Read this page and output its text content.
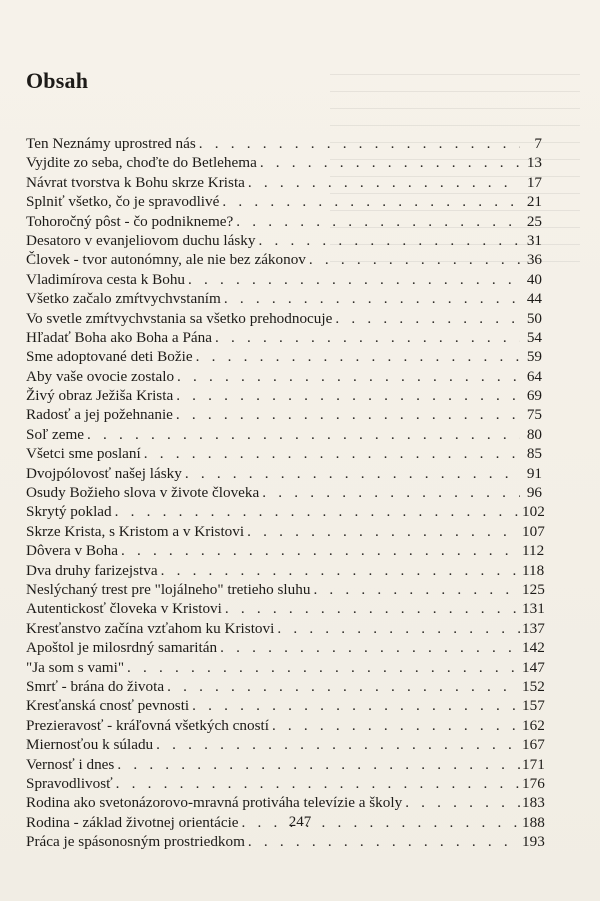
Obsah
Ten Neznámy uprostred nás . . .	7
Vyjdite zo seba, choďte do Betlehema . . .	13
Návrat tvorstva k Bohu skrze Krista . . .	17
Splniť všetko, čo je spravodlivé . . .	21
Tohoročný pôst - čo podnikneme? . . .	25
Desatoro v evanjeliovom duchu lásky . . .	31
Človek - tvor autonómny, ale nie bez zákonov . . .	36
Vladimírova cesta k Bohu . . .	40
Všetko začalo zmŕtvychvstaním . . .	44
Vo svetle zmŕtvychvstania sa všetko prehodnocuje . . .	50
Hľadať Boha ako Boha a Pána . . .	54
Sme adoptované deti Božie . . .	59
Aby vaše ovocie zostalo . . .	64
Živý obraz Ježiša Krista . . .	69
Radosť a jej požehnanie . . .	75
Soľ zeme . . .	80
Všetci sme poslaní . . .	85
Dvojpólovosť našej lásky . . .	91
Osudy Božieho slova v živote človeka . . .	96
Skrytý poklad . . .	102
Skrze Krista, s Kristom a v Kristovi . . .	107
Dôvera v Boha . . .	112
Dva druhy farizejstva . . .	118
Neslýchaný trest pre "lojálneho" tretieho sluhu . . .	125
Autentickosť človeka v Kristovi . . .	131
Kresťanstvo začína vzťahom ku Kristovi . . .	137
Apoštol je milosrdný samaritán . . .	142
"Ja som s vami" . . .	147
Smrť - brána do života . . .	152
Kresťanská cnosť pevnosti . . .	157
Prezieravosť - kráľovná všetkých cností . . .	162
Miernosťou k súladu . . .	167
Vernosť i dnes . . .	171
Spravodlivosť . . .	176
Rodina ako svetonázorovo-mravná protiváha televízie a školy . . .	183
Rodina - základ životnej orientácie . . .	188
Práca je spásonosným prostriedkom . . .	193
247
